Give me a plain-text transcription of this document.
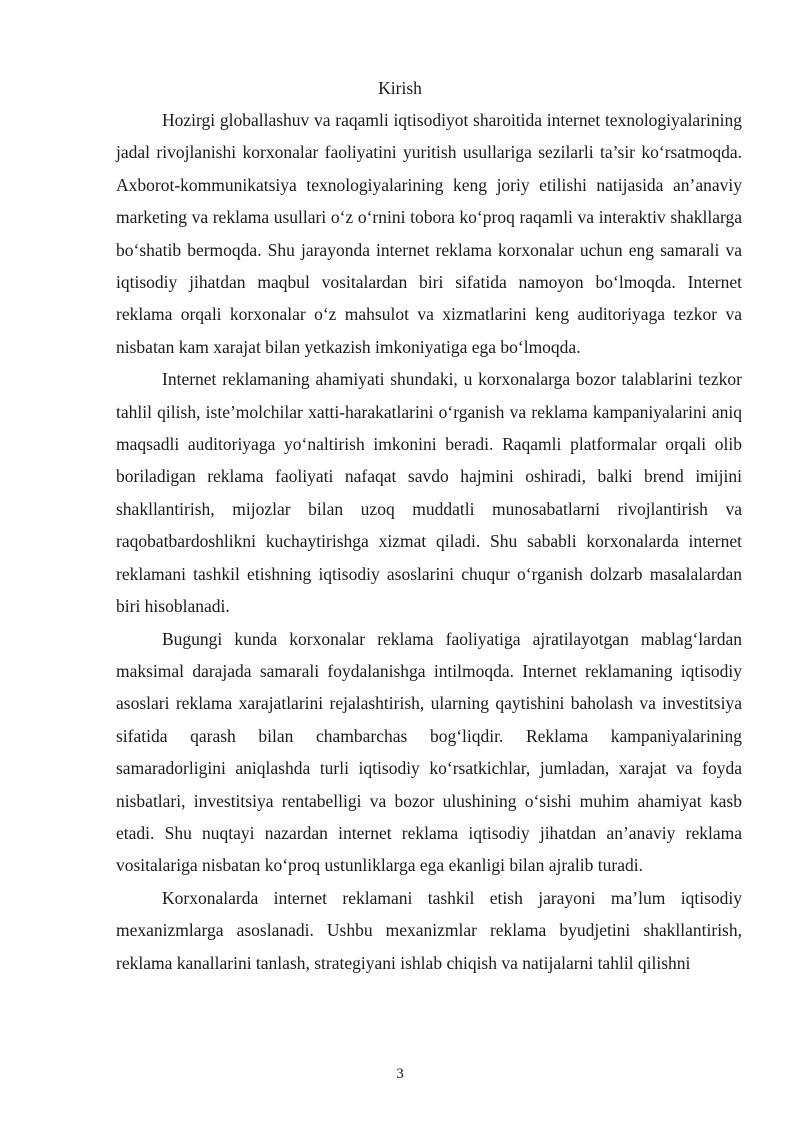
Kirish

Hozirgi globallashuv va raqamli iqtisodiyot sharoitida internet texnologiyalarining jadal rivojlanishi korxonalar faoliyatini yuritish usullariga sezilarli ta’sir ko‘rsatmoqda. Axborot-kommunikatsiya texnologiyalarining keng joriy etilishi natijasida an’anaviy marketing va reklama usullari o‘z o‘rnini tobora ko‘proq raqamli va interaktiv shakllarga bo‘shatib bermoqda. Shu jarayonda internet reklama korxonalar uchun eng samarali va iqtisodiy jihatdan maqbul vositalardan biri sifatida namoyon bo‘lmoqda. Internet reklama orqali korxonalar o‘z mahsulot va xizmatlarini keng auditoriyaga tezkor va nisbatan kam xarajat bilan yetkazish imkoniyatiga ega bo‘lmoqda.

Internet reklamaning ahamiyati shundaki, u korxonalarga bozor talablarini tezkor tahlil qilish, iste’molchilar xatti-harakatlarini o‘rganish va reklama kampaniyalarini aniq maqsadli auditoriyaga yo‘naltirish imkonini beradi. Raqamli platformalar orqali olib boriladigan reklama faoliyati nafaqat savdo hajmini oshiradi, balki brend imijini shakllantirish, mijozlar bilan uzoq muddatli munosabatlarni rivojlantirish va raqobatbardoshlikni kuchaytirishga xizmat qiladi. Shu sababli korxonalarda internet reklamani tashkil etishning iqtisodiy asoslarini chuqur o‘rganish dolzarb masalalardan biri hisoblanadi.

Bugungi kunda korxonalar reklama faoliyatiga ajratilayotgan mablag‘lardan maksimal darajada samarali foydalanishga intilmoqda. Internet reklamaning iqtisodiy asoslari reklama xarajatlarini rejalashtirish, ularning qaytishini baholash va investitsiya sifatida qarash bilan chambarchas bog‘liqdir. Reklama kampaniyalarining samaradorligini aniqlashda turli iqtisodiy ko‘rsatkichlar, jumladan, xarajat va foyda nisbatlari, investitsiya rentabelligi va bozor ulushining o‘sishi muhim ahamiyat kasb etadi. Shu nuqtayi nazardan internet reklama iqtisodiy jihatdan an’anaviy reklama vositalariga nisbatan ko‘proq ustunliklarga ega ekanligi bilan ajralib turadi.

Korxonalarda internet reklamani tashkil etish jarayoni ma’lum iqtisodiy mexanizmlarga asoslanadi. Ushbu mexanizmlar reklama byudjetini shakllantirish, reklama kanallarini tanlash, strategiyani ishlab chiqish va natijalarni tahlil qilishni

3
